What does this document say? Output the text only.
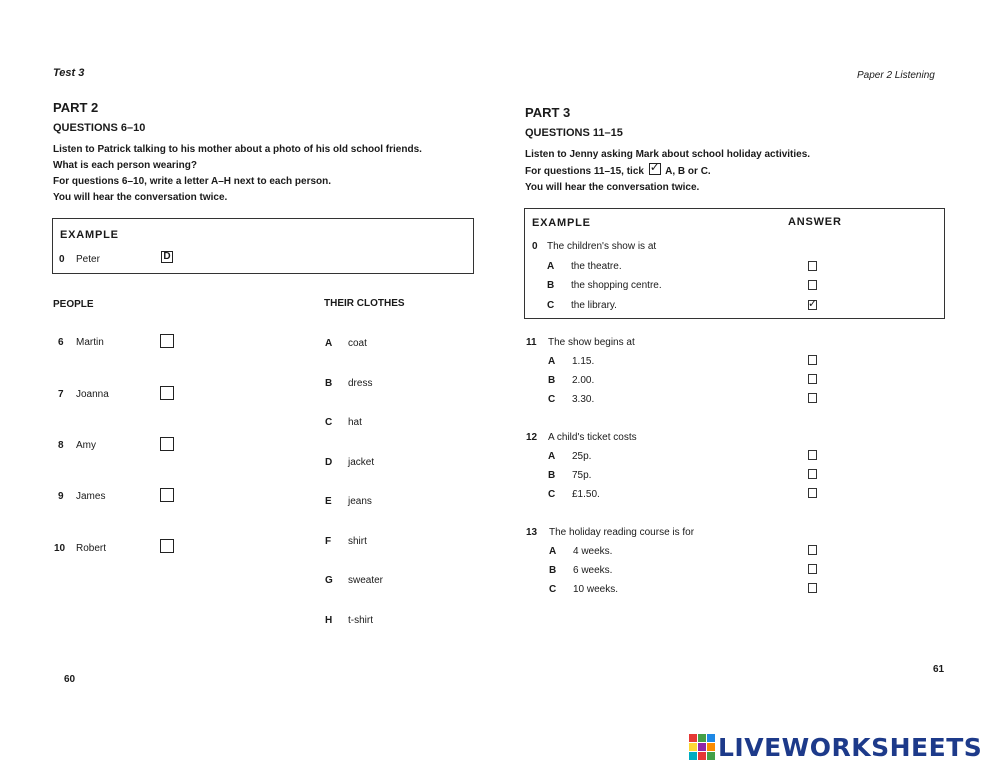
Test 3
PART 2
QUESTIONS 6–10
Listen to Patrick talking to his mother about a photo of his old school friends.
What is each person wearing?
For questions 6–10, write a letter A–H next to each person.
You will hear the conversation twice.
EXAMPLE
0 Peter	D
PEOPLE	THEIR CLOTHES
6 Martin
7 Joanna
8 Amy
9 James
10 Robert
A coat
B dress
C hat
D jacket
E jeans
F shirt
G sweater
H t-shirt
60
Paper 2 Listening
PART 3
QUESTIONS 11–15
Listen to Jenny asking Mark about school holiday activities.
For questions 11–15, tick ✓ A, B or C.
You will hear the conversation twice.
EXAMPLE	ANSWER
0 The children's show is at
A the theatre.
B the shopping centre.
C the library.	✓
11 The show begins at
A 1.15.
B 2.00.
C 3.30.
12 A child's ticket costs
A 25p.
B 75p.
C £1.50.
13 The holiday reading course is for
A 4 weeks.
B 6 weeks.
C 10 weeks.
61
LIVEWORKSHEETS
